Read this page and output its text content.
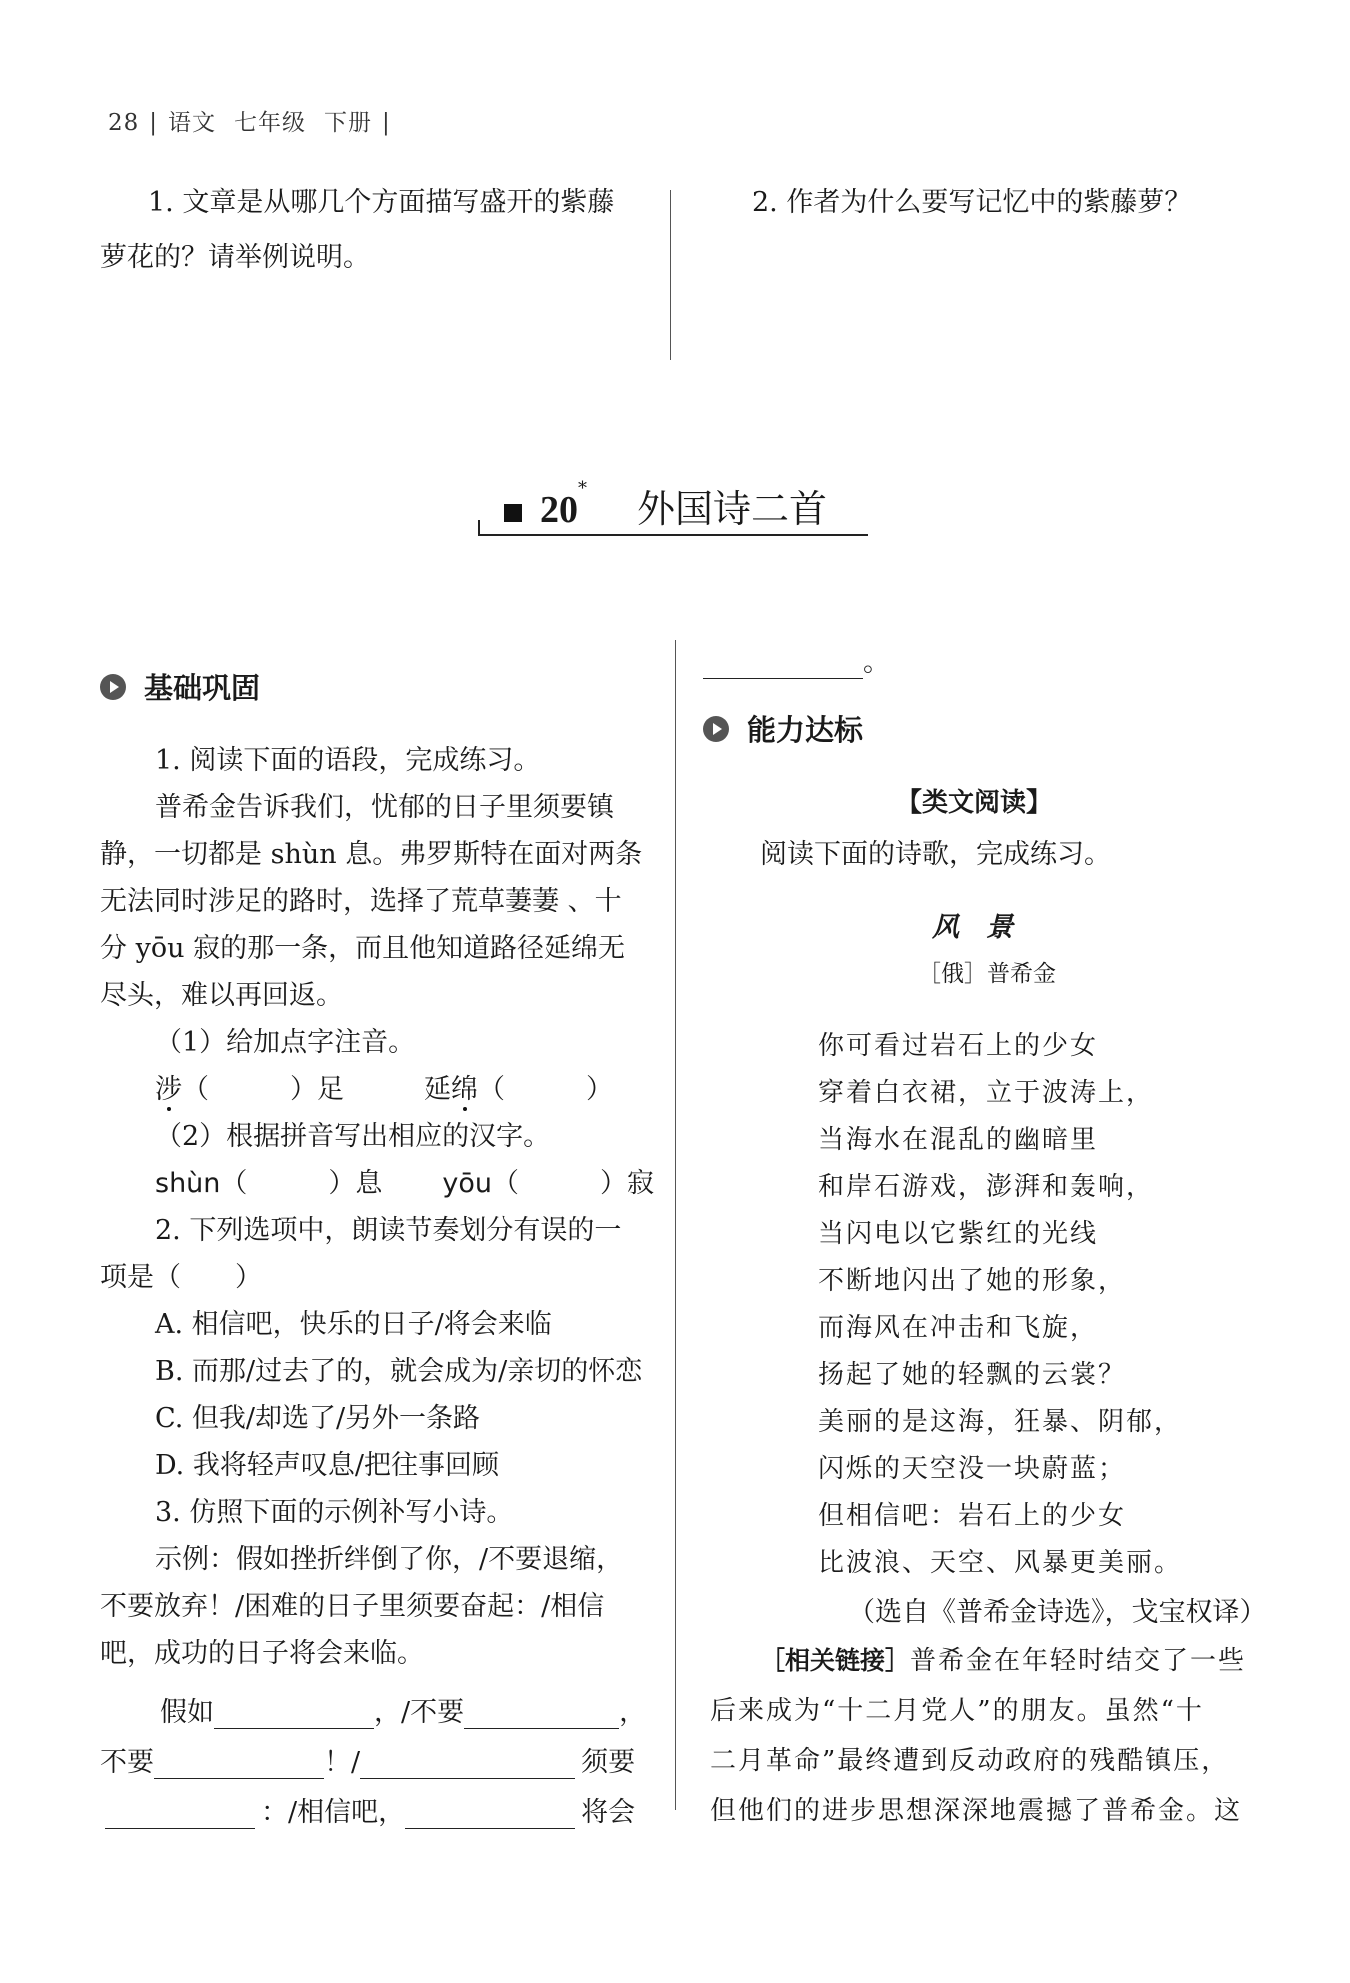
28 | 语文 七年级 下册 |
1. 文章是从哪几个方面描写盛开的紫藤
萝花的？请举例说明。
2. 作者为什么要写记忆中的紫藤萝？
20* 外国诗二首
基础巩固
1. 阅读下面的语段，完成练习。
普希金告诉我们，忧郁的日子里须要镇
静，一切都是 shùn 息。弗罗斯特在面对两条
无法同时涉足的路时，选择了荒草萋萋 、十
分 yōu 寂的那一条，而且他知道路径延绵无
尽头，难以再回返。
（1）给加点字注音。
涉（　　　）足	延绵（　　　）
（2）根据拼音写出相应的汉字。
shùn（　　　）息 yōu（　　　）寂
2. 下列选项中，朗读节奏划分有误的一
项是（　　）
A. 相信吧，快乐的日子/将会来临
B. 而那/过去了的，就会成为/亲切的怀恋
C. 但我/却选了/另外一条路
D. 我将轻声叹息/把往事回顾
3. 仿照下面的示例补写小诗。
示例：假如挫折绊倒了你，/不要退缩，
不要放弃！/困难的日子里须要奋起：/相信
吧，成功的日子将会来临。
假如	，/不要	，
不要	！/	须要
：/相信吧，	将会
。
能力达标
【类文阅读】
阅读下面的诗歌，完成练习。
风　景
［俄］普希金
你可看过岩石上的少女
穿着白衣裙，立于波涛上，
当海水在混乱的幽暗里
和岸石游戏，澎湃和轰响，
当闪电以它紫红的光线
不断地闪出了她的形象，
而海风在冲击和飞旋，
扬起了她的轻飘的云裳？
美丽的是这海，狂暴、阴郁，
闪烁的天空没一块蔚蓝；
但相信吧：岩石上的少女
比波浪、天空、风暴更美丽。
（选自《普希金诗选》，戈宝权译）
［相关链接］普希金在年轻时结交了一些
后来成为“十二月党人”的朋友。虽然“十
二月革命”最终遭到反动政府的残酷镇压，
但他们的进步思想深深地震撼了普希金。这
